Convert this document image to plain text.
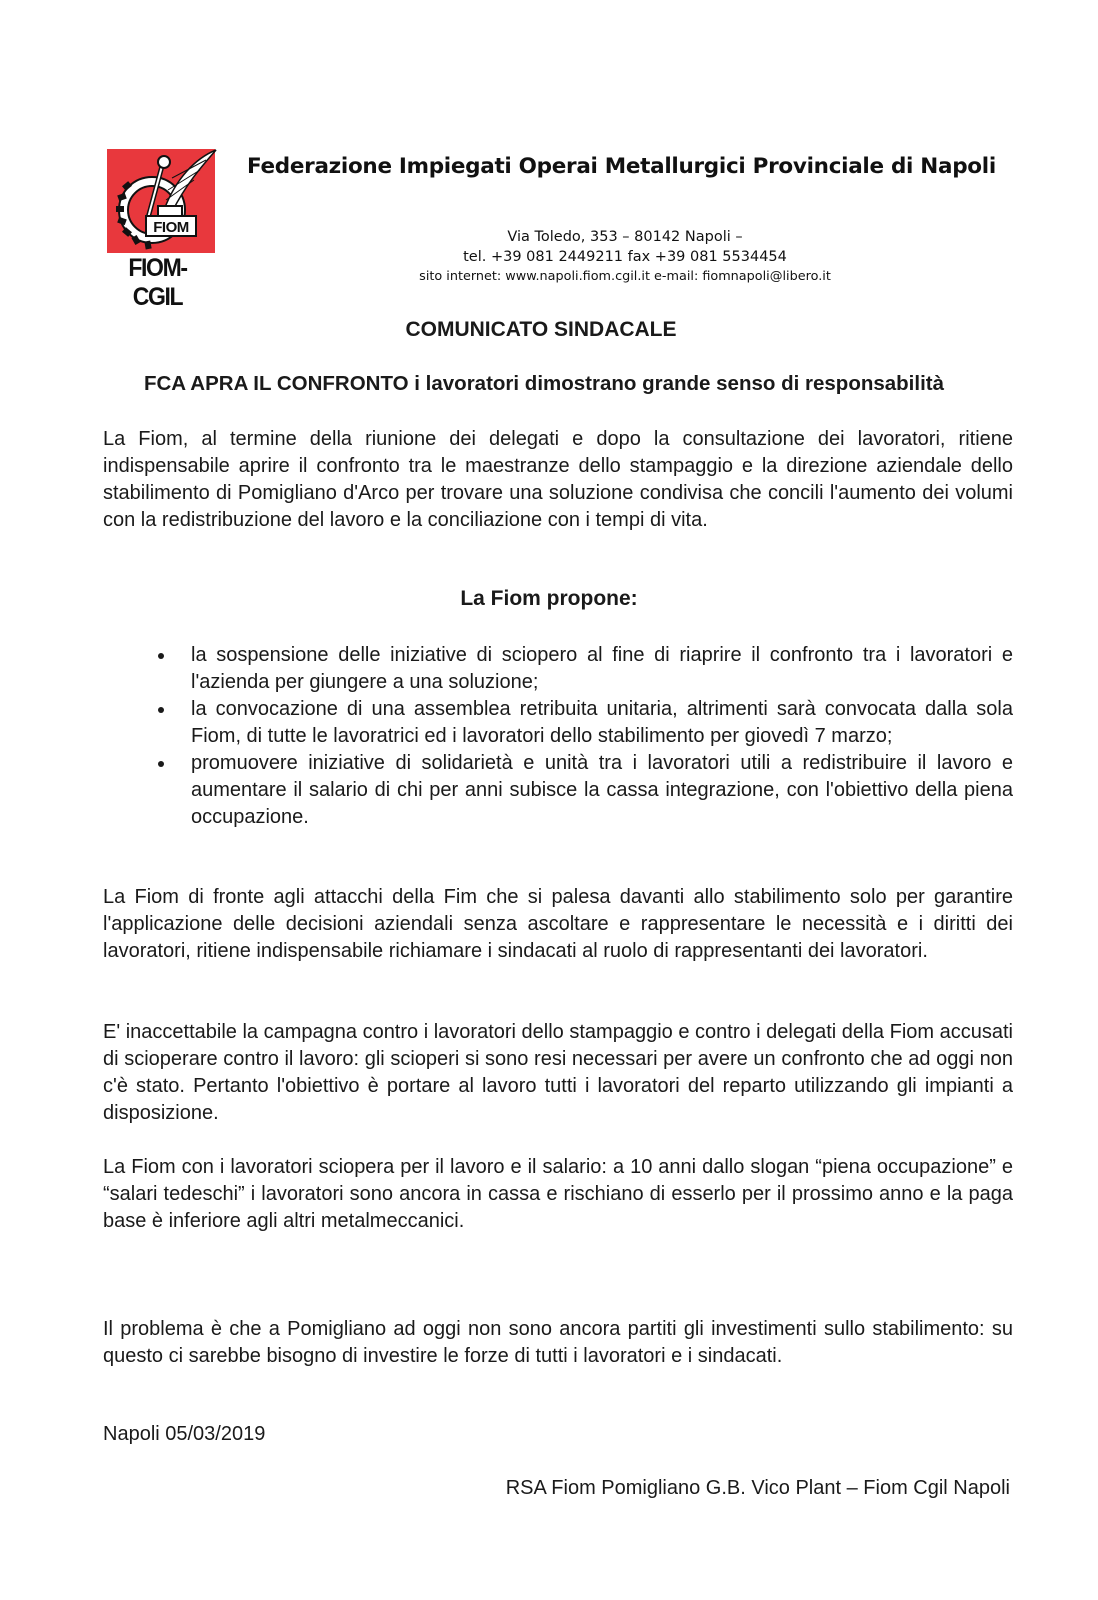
FIOM
FIOM-CGIL
Federazione Impiegati Operai Metallurgici Provinciale di Napoli
Via Toledo, 353 – 80142 Napoli –
tel. +39 081 2449211 fax +39 081 5534454
sito internet: www.napoli.fiom.cgil.it e-mail: fiomnapoli@libero.it
COMUNICATO SINDACALE
FCA APRA IL CONFRONTO i lavoratori dimostrano grande senso di responsabilità
La Fiom, al termine della riunione dei delegati e dopo la consultazione dei lavoratori, ritiene indispensabile aprire il confronto tra le maestranze dello stampaggio e la direzione aziendale dello stabilimento di Pomigliano d'Arco per trovare una soluzione condivisa che concili l'aumento dei volumi con la redistribuzione del lavoro e la conciliazione con i tempi di vita.
La Fiom propone:
la sospensione delle iniziative di sciopero al fine di riaprire il confronto tra i lavoratori e l'azienda per giungere a una soluzione;
la convocazione di una assemblea retribuita unitaria, altrimenti sarà convocata dalla sola Fiom, di tutte le lavoratrici ed i lavoratori dello stabilimento per giovedì 7 marzo;
promuovere iniziative di solidarietà e unità tra i lavoratori utili a redistribuire il lavoro e aumentare il salario di chi per anni subisce la cassa integrazione, con l'obiettivo della piena occupazione.
La Fiom di fronte agli attacchi della Fim che si palesa davanti allo stabilimento solo per garantire l'applicazione delle decisioni aziendali senza ascoltare e rappresentare le necessità e i diritti dei lavoratori, ritiene indispensabile richiamare i sindacati al ruolo di rappresentanti dei lavoratori.
E' inaccettabile la campagna contro i lavoratori dello stampaggio e contro i delegati della Fiom accusati di scioperare contro il lavoro: gli scioperi si sono resi necessari per avere un confronto che ad oggi non c'è stato. Pertanto l'obiettivo è portare al lavoro tutti i lavoratori del reparto utilizzando gli impianti a disposizione.
La Fiom con i lavoratori sciopera per il lavoro e il salario: a 10 anni dallo slogan “piena occupazione” e “salari tedeschi” i lavoratori sono ancora in cassa e rischiano di esserlo per il prossimo anno e la paga base è inferiore agli altri metalmeccanici.
Il problema è che a Pomigliano ad oggi non sono ancora partiti gli investimenti sullo stabilimento: su questo ci sarebbe bisogno di investire le forze di tutti i lavoratori e i sindacati.
Napoli 05/03/2019
RSA Fiom Pomigliano G.B. Vico Plant – Fiom Cgil Napoli
